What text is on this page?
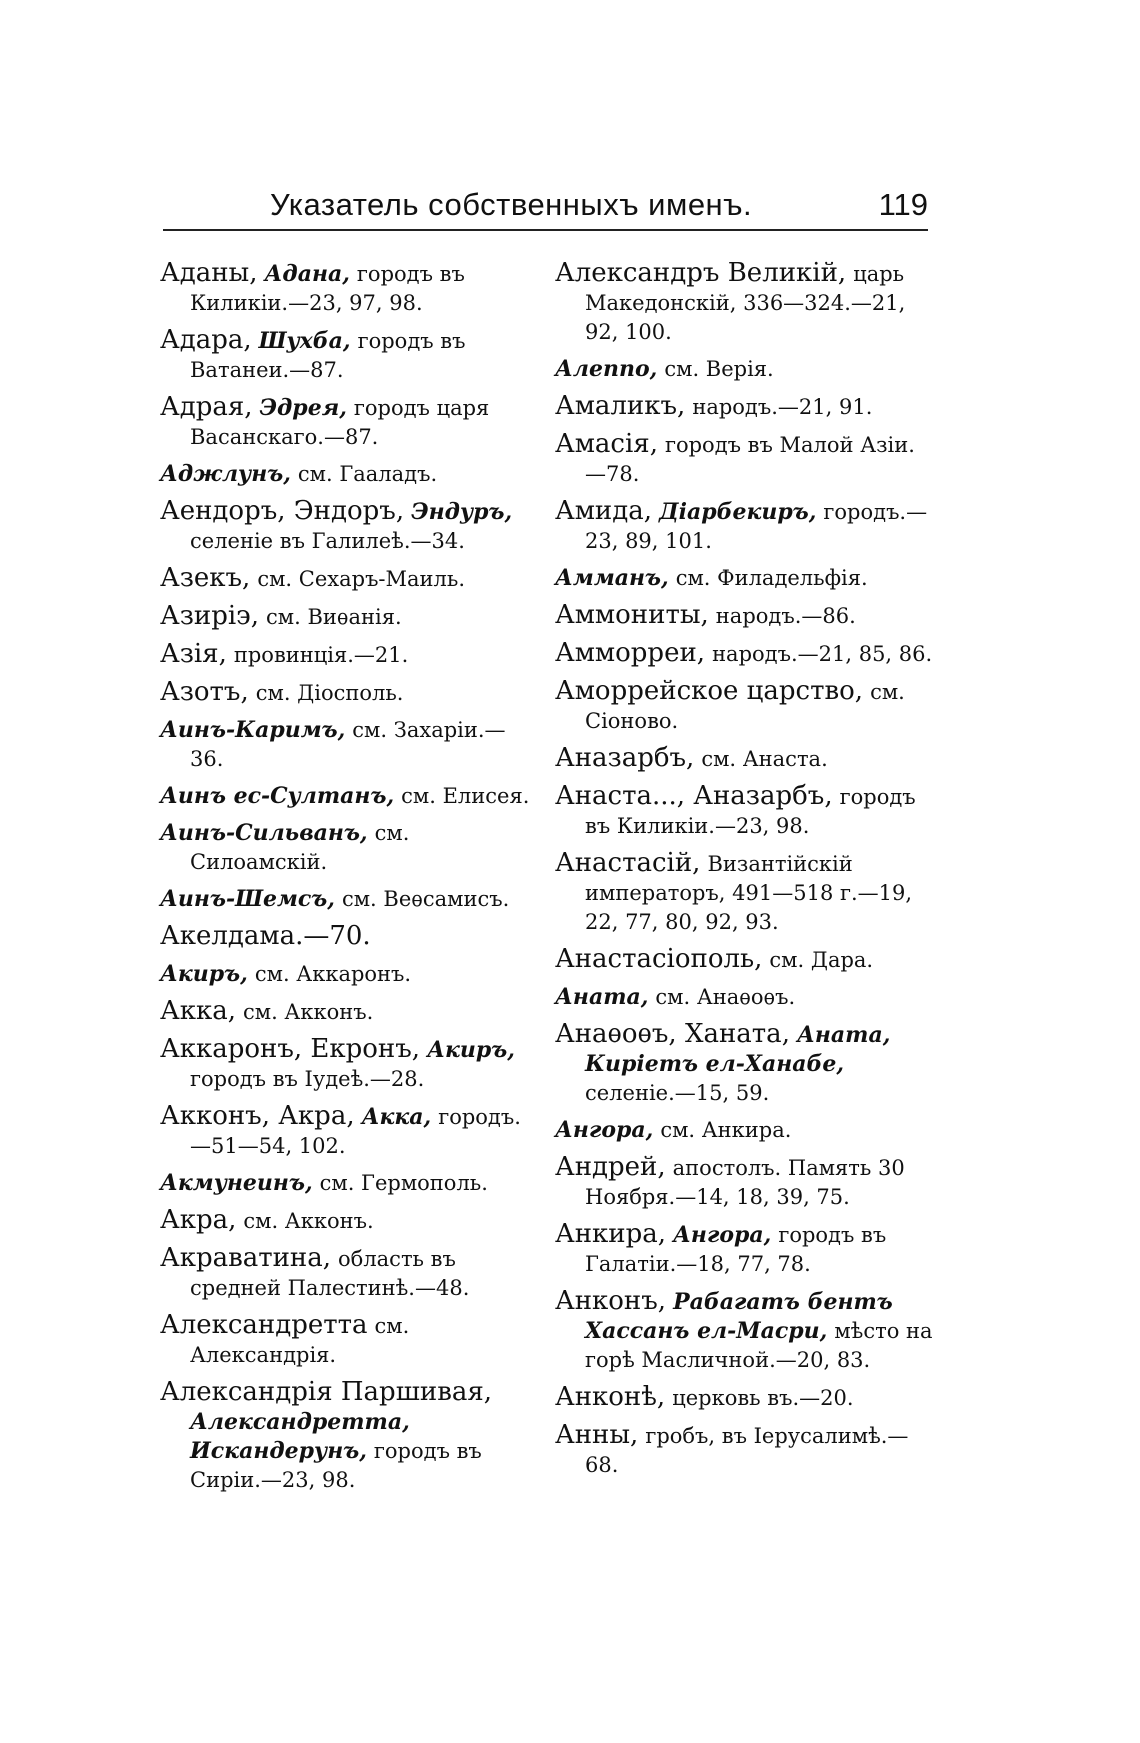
Указатель собственныхъ именъ.	119
Аданы, Адана, городъ въ Киликіи.—23, 97, 98.
Адара, Шухба, городъ въ Ватанеи.—87.
Адрая, Эдрея, городъ царя Васанскаго.—87.
Аджлунъ, см. Гааладъ.
Аендоръ, Эндоръ, Эндуръ, селеніе въ Галилеѣ.—34.
Азекъ, см. Сехаръ-Маиль.
Азиріэ, см. Виѳанія.
Азія, провинція.—21.
Азотъ, см. Діосполь.
Аинъ-Каримъ, см. Захаріи.—36.
Аинъ ес-Султанъ, см. Елисея.
Аинъ-Сильванъ, см. Силоамскій.
Аинъ-Шемсъ, см. Веѳсамисъ.
Акелдама.—70.
Акиръ, см. Аккаронъ.
Акка, см. Акконъ.
Аккаронъ, Екронъ, Акиръ, городъ въ Іудеѣ.—28.
Акконъ, Акра, Акка, городъ.—51—54, 102.
Акмунеинъ, см. Гермополь.
Акра, см. Акконъ.
Акраватина, область въ средней Палестинѣ.—48.
Александретта см. Александрія.
Александрія Паршивая, Александретта, Искандерунъ, городъ въ Сиріи.—23, 98.
Александръ Великій, царь Македонскій, 336—324.—21, 92, 100.
Алеппо, см. Верія.
Амаликъ, народъ.—21, 91.
Амасія, городъ въ Малой Азіи.—78.
Амида, Діарбекиръ, городъ.—23, 89, 101.
Амманъ, см. Филадельфія.
Аммониты, народъ.—86.
Амморреи, народъ.—21, 85, 86.
Аморрейское царство, см. Сіоново.
Аназарбъ, см. Анаста.
Анаста..., Аназарбъ, городъ въ Киликіи.—23, 98.
Анастасій, Византійскій императоръ, 491—518 г.—19, 22, 77, 80, 92, 93.
Анастасіополь, см. Дара.
Аната, см. Анаѳоѳъ.
Анаѳоѳъ, Ханата, Аната, Кирiетъ ел-Ханабе, селеніе.—15, 59.
Ангора, см. Анкира.
Андрей, апостолъ. Память 30 Ноября.—14, 18, 39, 75.
Анкира, Ангора, городъ въ Галатіи.—18, 77, 78.
Анконъ, Рабагатъ бентъ Хассанъ ел-Масри, мѣсто на горѣ Масличной.—20, 83.
Анконѣ, церковь въ.—20.
Анны, гробъ, въ Іерусалимѣ.—68.
